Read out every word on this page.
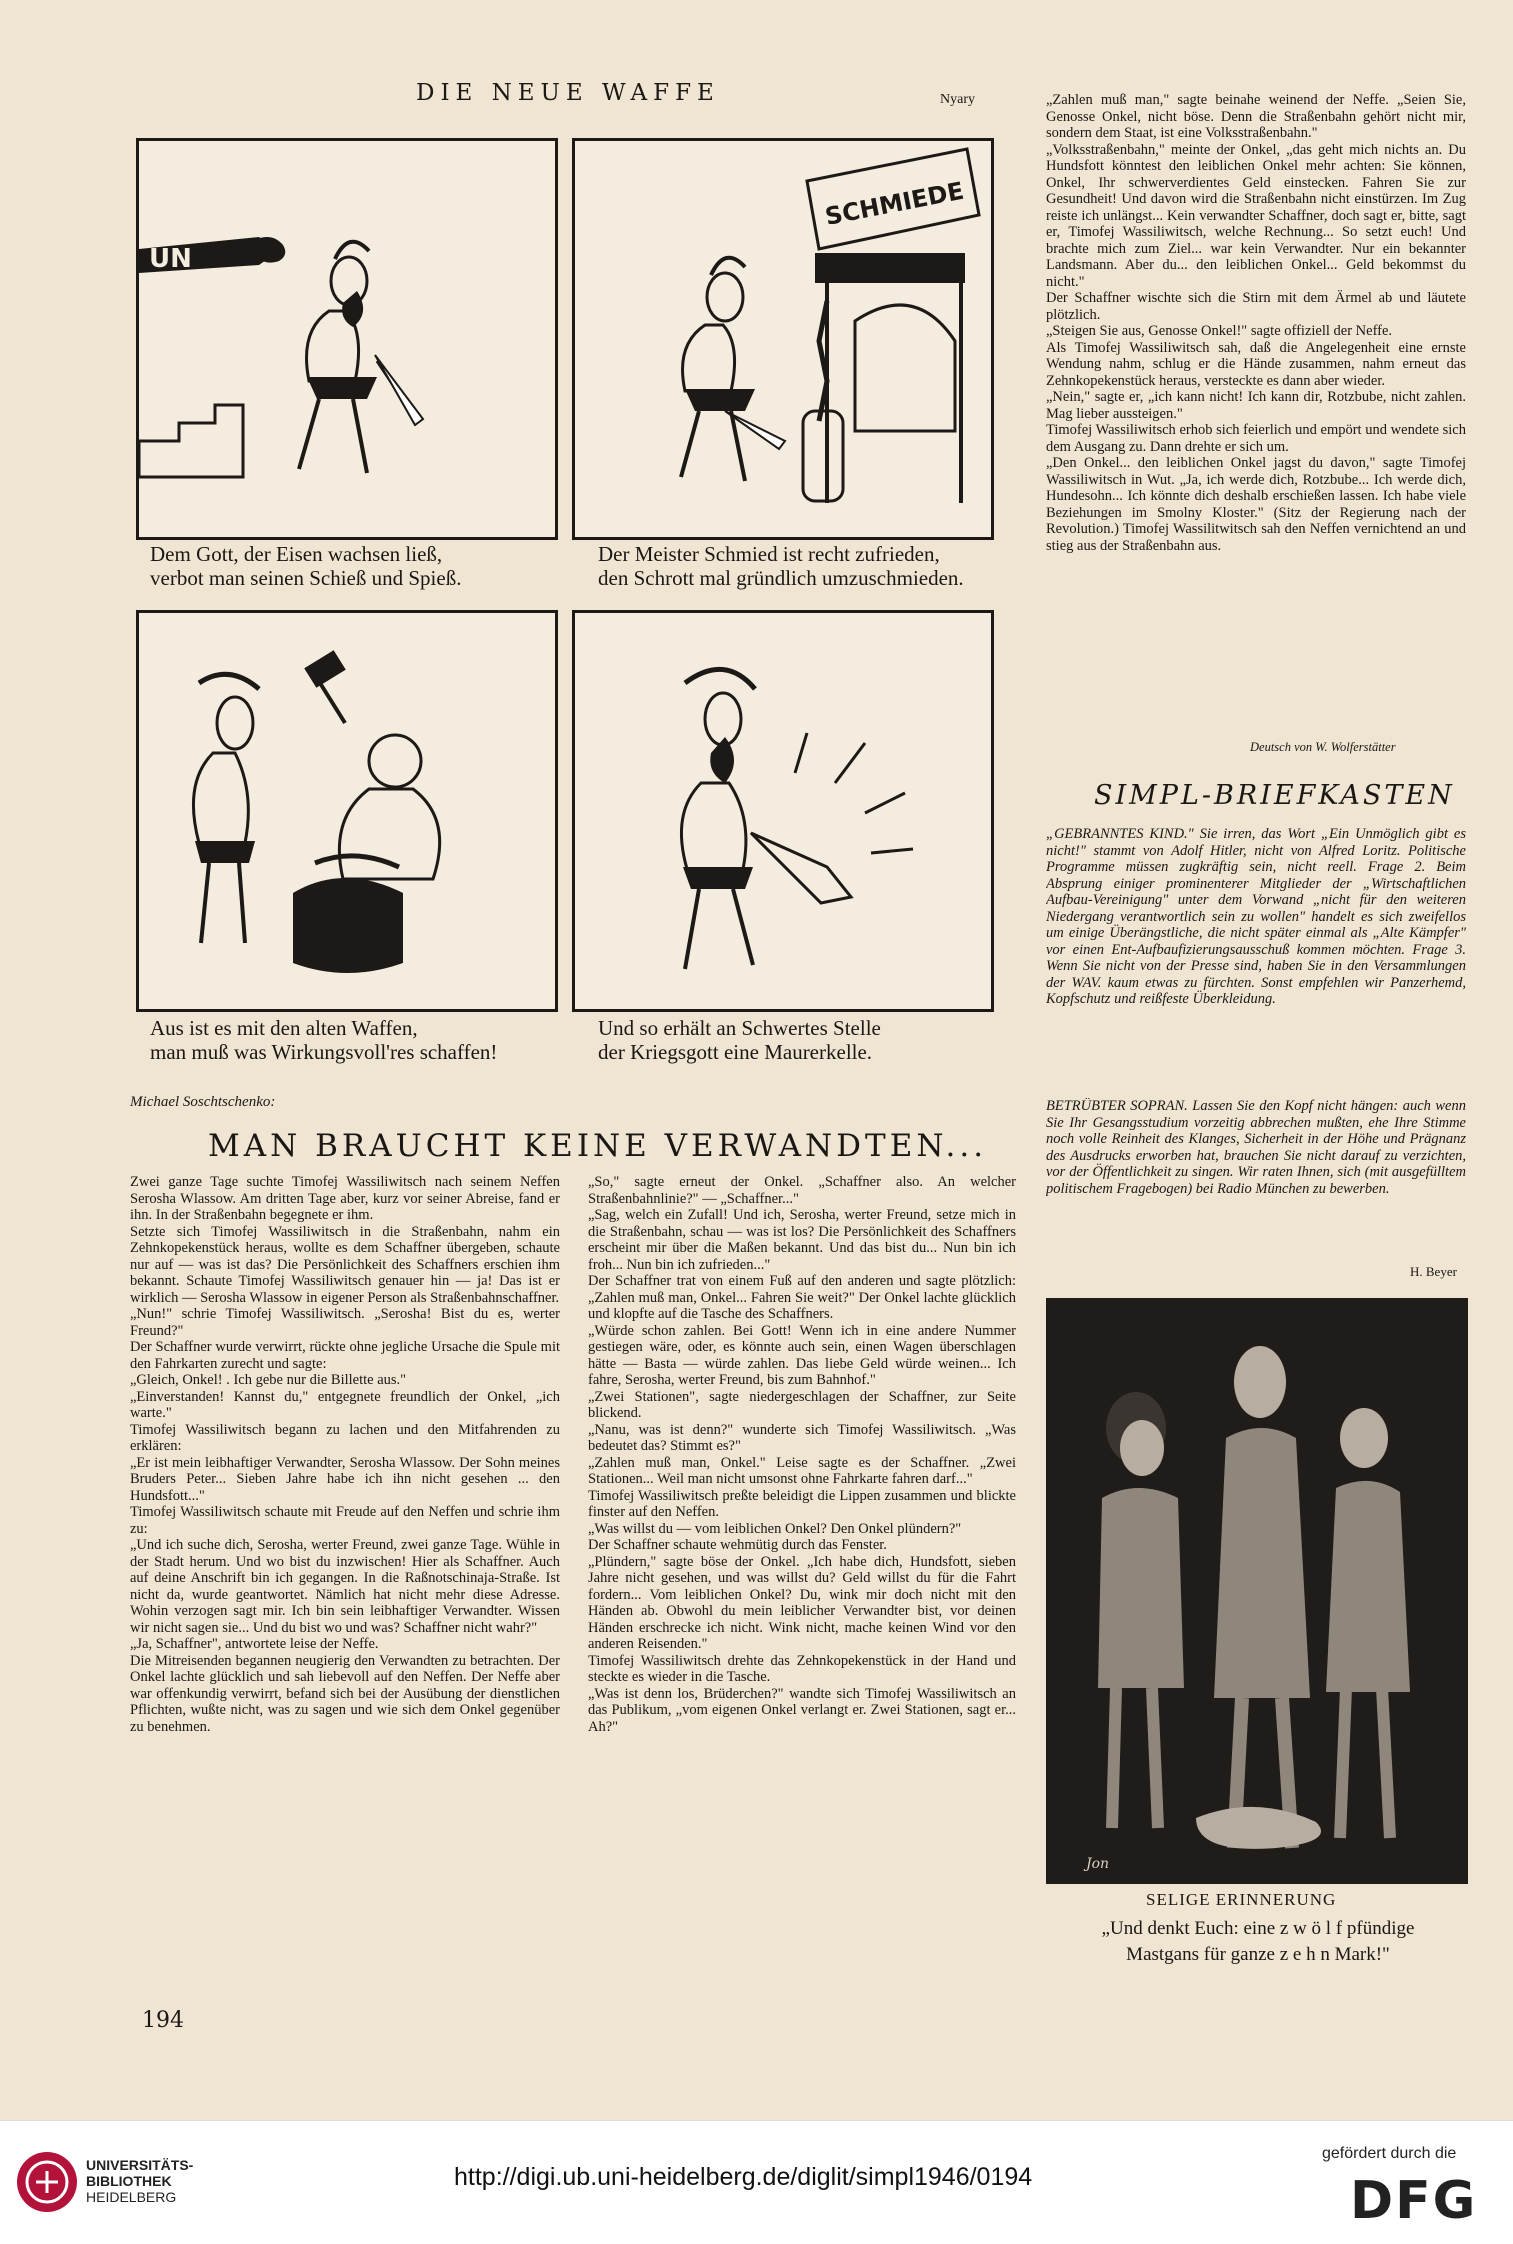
DIE NEUE WAFFE	Nyary
UN
SCHMIEDE
Dem Gott, der Eisen wachsen ließ,
verbot man seinen Schieß und Spieß.
Der Meister Schmied ist recht zufrieden,
den Schrott mal gründlich umzuschmieden.
Aus ist es mit den alten Waffen,
man muß was Wirkungsvoll'res schaffen!
Und so erhält an Schwertes Stelle
der Kriegsgott eine Maurerkelle.
Michael Soschtschenko:
MAN BRAUCHT KEINE VERWANDTEN...

Zwei ganze Tage suchte Timofej Wassiliwitsch nach seinem Neffen Serosha Wlassow. Am dritten Tage aber, kurz vor seiner Abreise, fand er ihn. In der Straßenbahn begegnete er ihm.
Setzte sich Timofej Wassiliwitsch in die Straßenbahn, nahm ein Zehnkopekenstück heraus, wollte es dem Schaffner übergeben, schaute nur auf — was ist das? Die Persönlichkeit des Schaffners erschien ihm bekannt. Schaute Timofej Wassiliwitsch genauer hin — ja! Das ist er wirklich — Serosha Wlassow in eigener Person als Straßenbahnschaffner.
„Nun!" schrie Timofej Wassiliwitsch. „Serosha! Bist du es, werter Freund?"
Der Schaffner wurde verwirrt, rückte ohne jegliche Ursache die Spule mit den Fahrkarten zurecht und sagte:
„Gleich, Onkel! . Ich gebe nur die Billette aus."
„Einverstanden! Kannst du," entgegnete freundlich der Onkel, „ich warte."
Timofej Wassiliwitsch begann zu lachen und den Mitfahrenden zu erklären:
„Er ist mein leibhaftiger Verwandter, Serosha Wlassow. Der Sohn meines Bruders Peter... Sieben Jahre habe ich ihn nicht gesehen ... den Hundsfott..."
Timofej Wassiliwitsch schaute mit Freude auf den Neffen und schrie ihm zu:
„Und ich suche dich, Serosha, werter Freund, zwei ganze Tage. Wühle in der Stadt herum. Und wo bist du inzwischen! Hier als Schaffner. Auch auf deine Anschrift bin ich gegangen. In die Raßnotschinaja-Straße. Ist nicht da, wurde geantwortet. Nämlich hat nicht mehr diese Adresse. Wohin verzogen sagt mir. Ich bin sein leibhaftiger Verwandter. Wissen wir nicht sagen sie... Und du bist wo und was? Schaffner nicht wahr?"
„Ja, Schaffner", antwortete leise der Neffe.
Die Mitreisenden begannen neugierig den Verwandten zu betrachten. Der Onkel lachte glücklich und sah liebevoll auf den Neffen. Der Neffe aber war offenkundig verwirrt, befand sich bei der Ausübung der dienstlichen Pflichten, wußte nicht, was zu sagen und wie sich dem Onkel gegenüber zu benehmen.

„So," sagte erneut der Onkel. „Schaffner also. An welcher Straßenbahnlinie?" — „Schaffner..."
„Sag, welch ein Zufall! Und ich, Serosha, werter Freund, setze mich in die Straßenbahn, schau — was ist los? Die Persönlichkeit des Schaffners erscheint mir über die Maßen bekannt. Und das bist du... Nun bin ich froh... Nun bin ich zufrieden..."
Der Schaffner trat von einem Fuß auf den anderen und sagte plötzlich: „Zahlen muß man, Onkel... Fahren Sie weit?" Der Onkel lachte glücklich und klopfte auf die Tasche des Schaffners.
„Würde schon zahlen. Bei Gott! Wenn ich in eine andere Nummer gestiegen wäre, oder, es könnte auch sein, einen Wagen überschlagen hätte — Basta — würde zahlen. Das liebe Geld würde weinen... Ich fahre, Serosha, werter Freund, bis zum Bahnhof."
„Zwei Stationen", sagte niedergeschlagen der Schaffner, zur Seite blickend.
„Nanu, was ist denn?" wunderte sich Timofej Wassiliwitsch. „Was bedeutet das? Stimmt es?"
„Zahlen muß man, Onkel." Leise sagte es der Schaffner. „Zwei Stationen... Weil man nicht umsonst ohne Fahrkarte fahren darf..."
Timofej Wassiliwitsch preßte beleidigt die Lippen zusammen und blickte finster auf den Neffen.
„Was willst du — vom leiblichen Onkel? Den Onkel plündern?"
Der Schaffner schaute wehmütig durch das Fenster.
„Plündern," sagte böse der Onkel. „Ich habe dich, Hundsfott, sieben Jahre nicht gesehen, und was willst du? Geld willst du für die Fahrt fordern... Vom leiblichen Onkel? Du, wink mir doch nicht mit den Händen ab. Obwohl du mein leiblicher Verwandter bist, vor deinen Händen erschrecke ich nicht. Wink nicht, mache keinen Wind vor den anderen Reisenden."
Timofej Wassiliwitsch drehte das Zehnkopekenstück in der Hand und steckte es wieder in die Tasche.
„Was ist denn los, Brüderchen?" wandte sich Timofej Wassiliwitsch an das Publikum, „vom eigenen Onkel verlangt er. Zwei Stationen, sagt er... Ah?"

„Zahlen muß man," sagte beinahe weinend der Neffe. „Seien Sie, Genosse Onkel, nicht böse. Denn die Straßenbahn gehört nicht mir, sondern dem Staat, ist eine Volksstraßenbahn."
„Volksstraßenbahn," meinte der Onkel, „das geht mich nichts an. Du Hundsfott könntest den leiblichen Onkel mehr achten: Sie können, Onkel, Ihr schwerverdientes Geld einstecken. Fahren Sie zur Gesundheit! Und davon wird die Straßenbahn nicht einstürzen. Im Zug reiste ich unlängst... Kein verwandter Schaffner, doch sagt er, bitte, sagt er, Timofej Wassiliwitsch, welche Rechnung... So setzt euch! Und brachte mich zum Ziel... war kein Verwandter. Nur ein bekannter Landsmann. Aber du... den leiblichen Onkel... Geld bekommst du nicht."
Der Schaffner wischte sich die Stirn mit dem Ärmel ab und läutete plötzlich.
„Steigen Sie aus, Genosse Onkel!" sagte offiziell der Neffe.
Als Timofej Wassiliwitsch sah, daß die Angelegenheit eine ernste Wendung nahm, schlug er die Hände zusammen, nahm erneut das Zehnkopekenstück heraus, versteckte es dann aber wieder.
„Nein," sagte er, „ich kann nicht! Ich kann dir, Rotzbube, nicht zahlen. Mag lieber aussteigen."
Timofej Wassiliwitsch erhob sich feierlich und empört und wendete sich dem Ausgang zu. Dann drehte er sich um.
„Den Onkel... den leiblichen Onkel jagst du davon," sagte Timofej Wassiliwitsch in Wut. „Ja, ich werde dich, Rotzbube... Ich werde dich, Hundesohn... Ich könnte dich deshalb erschießen lassen. Ich habe viele Beziehungen im Smolny Kloster." (Sitz der Regierung nach der Revolution.) Timofej Wassilitwitsch sah den Neffen vernichtend an und stieg aus der Straßenbahn aus.

Deutsch von W. Wolferstätter
SIMPL-BRIEFKASTEN

„GEBRANNTES KIND." Sie irren, das Wort „Ein Unmöglich gibt es nicht!" stammt von Adolf Hitler, nicht von Alfred Loritz. Politische Programme müssen zugkräftig sein, nicht reell. Frage 2. Beim Absprung einiger prominenterer Mitglieder der „Wirtschaftlichen Aufbau-Vereinigung" unter dem Vorwand „nicht für den weiteren Niedergang verantwortlich sein zu wollen" handelt es sich zweifellos um einige Überängstliche, die nicht später einmal als „Alte Kämpfer" vor einen Ent-Aufbaufizierungsausschuß kommen möchten. Frage 3. Wenn Sie nicht von der Presse sind, haben Sie in den Versammlungen der WAV. kaum etwas zu fürchten. Sonst empfehlen wir Panzerhemd, Kopfschutz und reißfeste Überkleidung.

BETRÜBTER SOPRAN. Lassen Sie den Kopf nicht hängen: auch wenn Sie Ihr Gesangsstudium vorzeitig abbrechen mußten, ehe Ihre Stimme noch volle Reinheit des Klanges, Sicherheit in der Höhe und Prägnanz des Ausdrucks erworben hat, brauchen Sie nicht darauf zu verzichten, vor der Öffentlichkeit zu singen. Wir raten Ihnen, sich (mit ausgefülltem politischem Fragebogen) bei Radio München zu bewerben.

H. Beyer
Jon
SELIGE ERINNERUNG
„Und denkt Euch: eine z w ö l f pfündige
Mastgans für ganze z e h n Mark!"
194
UNIVERSITÄTS-
BIBLIOTHEK
HEIDELBERG
http://digi.ub.uni-heidelberg.de/diglit/simpl1946/0194
gefördert durch die
DFG
